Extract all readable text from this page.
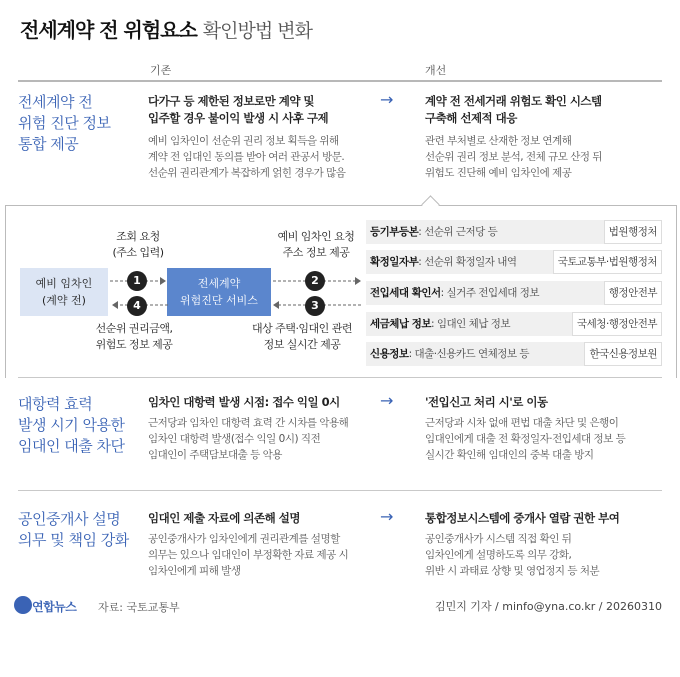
전세계약 전 위험요소 확인방법 변화
기존	개선
전세계약 전
위험 진단 정보
통합 제공
다가구 등 제한된 정보로만 계약 및
입주할 경우 불이익 발생 시 사후 구제
예비 임차인이 선순위 권리 정보 획득을 위해
계약 전 임대인 동의를 받아 여러 관공서 방문.
선순위 권리관계가 복잡하게 얽힌 경우가 많음
→	계약 전 전세거래 위험도 확인 시스템
구축해 선제적 대응
관련 부처별로 산재한 정보 연계해
선순위 권리 정보 분석, 전체 규모 산정 뒤
위험도 진단해 예비 임차인에 제공
예비 임차인
(계약 전)
전세계약
위험진단 서비스
1
4
2
3
조회 요청
(주소 입력)
예비 임차인 요청
주소 정보 제공
선순위 권리금액,
위험도 정보 제공
대상 주택·임대인 관련
정보 실시간 제공
등기부등본: 선순위 근저당 등	법원행정처
확정일자부: 선순위 확정일자 내역	국토교통부·법원행정처
전입세대 확인서: 실거주 전입세대 정보	행정안전부
세금체납 정보: 임대인 체납 정보	국세청·행정안전부
신용정보: 대출·신용카드 연체정보 등	한국신용정보원
대항력 효력
발생 시기 악용한
임대인 대출 차단
임차인 대항력 발생 시점: 접수 익일 0시
근저당과 임차인 대항력 효력 간 시차를 악용해
임차인 대항력 발생(접수 익일 0시) 직전
임대인이 주택담보대출 등 악용
→	'전입신고 처리 시'로 이동
근저당과 시차 없애 편법 대출 차단 및 은행이
임대인에게 대출 전 확정일자·전입세대 정보 등
실시간 확인해 임대인의 중복 대출 방지
공인중개사 설명
의무 및 책임 강화
임대인 제출 자료에 의존해 설명
공인중개사가 임차인에게 권리관계를 설명할
의무는 있으나 임대인이 부정확한 자료 제공 시
임차인에게 피해 발생
→	통합정보시스템에 중개사 열람 권한 부여
공인중개사가 시스템 직접 확인 뒤
임차인에게 설명하도록 의무 강화,
위반 시 과태료 상향 및 영업정지 등 처분
연합뉴스 자료: 국토교통부	김민지 기자 / minfo@yna.co.kr / 20260310
